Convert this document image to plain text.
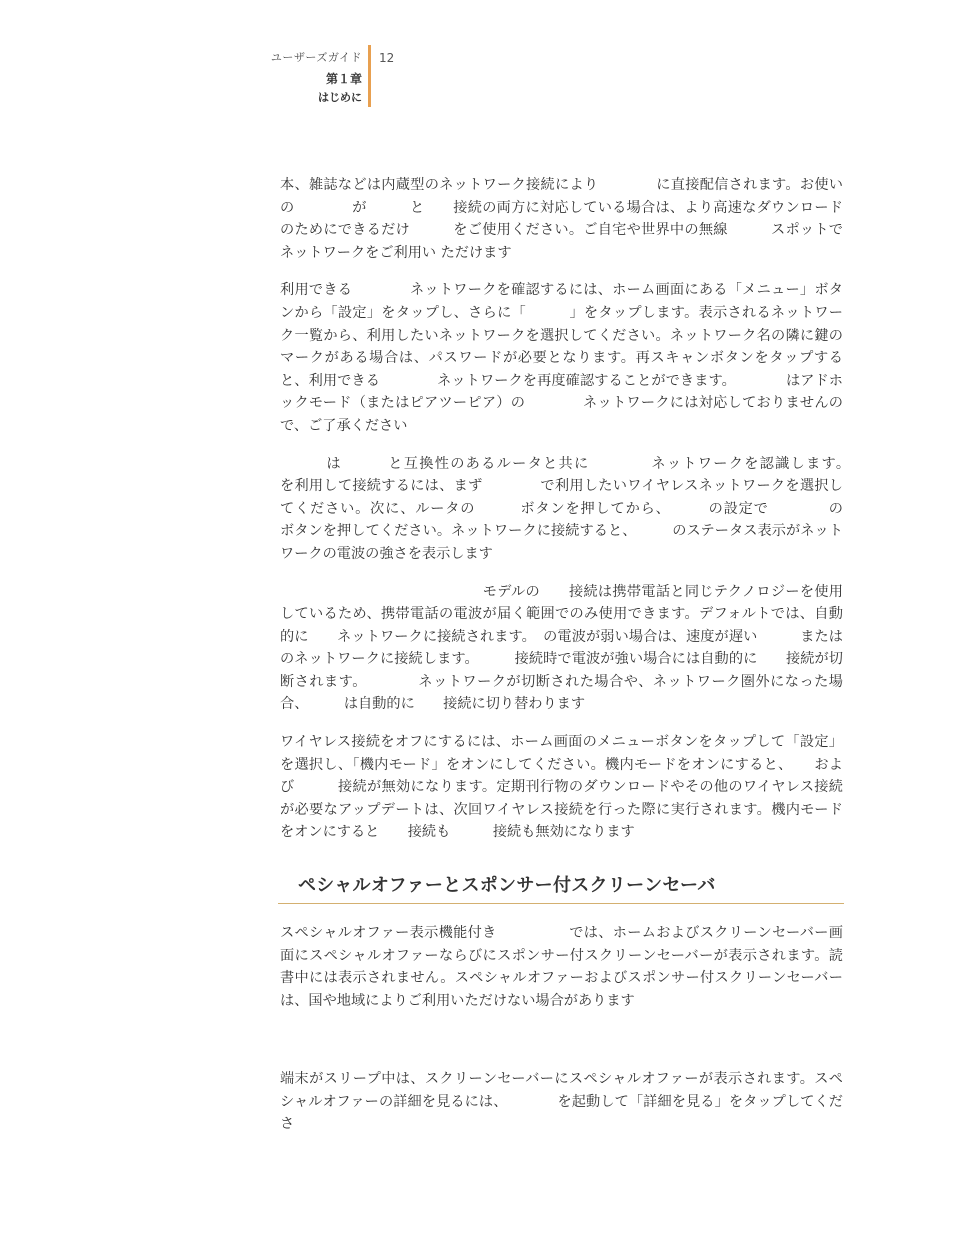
ユーザーズガイド
第１章
はじめに
12

本、雑誌などは内蔵型のネットワーク接続により　　　　に直接配信されます。お使いの　　　　が　　　と　　接続の両方に対応している場合は、より高速なダウンロードのためにできるだけ　　　をご使用ください。ご自宅や世界中の無線　　　スポットで　　　ネットワークをご利用い ただけます

利用できる　　　　ネットワークを確認するには、ホーム画面にある「メニュー」ボタンから「設定」をタップし、さらに「　　　」をタップします。表示されるネットワーク一覧から、利用したいネットワークを選択してください。ネットワーク名の隣に鍵のマークがある場合は、パスワードが必要となります。再スキャンボタンをタップすると、利用できる　　　　ネットワークを再度確認することができます。　　　　はアドホックモード（またはピアツーピア）の　　　　ネットワークには対応しておりませんので、ご了承ください

　　　は　　　と互換性のあるルータと共に　　　　ネットワークを認識します。　　　を利用して接続するには、まず　　　　で利用したいワイヤレスネットワークを選択してください。次に、ルータの　　　ボタンを押してから、　　　の設定で　　　　の　　　ボタンを押してください。ネットワークに接続すると、　　　のステータス表示がネットワークの電波の強さを表示します

　　　　　　　　　　　　　　モデルの　　接続は携帯電話と同じテクノロジーを使用しているため、携帯電話の電波が届く範囲でのみ使用できます。デフォルトでは、自動的に　　ネットワークに接続されます。　の電波が弱い場合は、速度が遅い　　　または　　　のネットワークに接続します。　　　接続時で電波が強い場合には自動的に　　接続が切断されます。　　　　ネットワークが切断された場合や、ネットワーク圏外になった場合、　　　は自動的に　　接続に切り替わります

ワイヤレス接続をオフにするには、ホーム画面のメニューボタンをタップして「設定」を選択し、「機内モード」をオンにしてください。機内モードをオンにすると、　　および　　　接続が無効になります。定期刊行物のダウンロードやその他のワイヤレス接続が必要なアップデートは、次回ワイヤレス接続を行った際に実行されます。機内モードをオンにすると　　接続も　　　接続も無効になります

ペシャルオファーとスポンサー付スクリーンセーバ

スペシャルオファー表示機能付き　　　　　では、ホームおよびスクリーンセーバー画面にスペシャルオファーならびにスポンサー付スクリーンセーバーが表示されます。読書中には表示されません。スペシャルオファーおよびスポンサー付スクリーンセーバーは、国や地域によりご利用いただけない場合があります

端末がスリープ中は、スクリーンセーバーにスペシャルオファーが表示されます。スペシャルオファーの詳細を見るには、　　　　を起動して「詳細を見る」をタップしてくださ
